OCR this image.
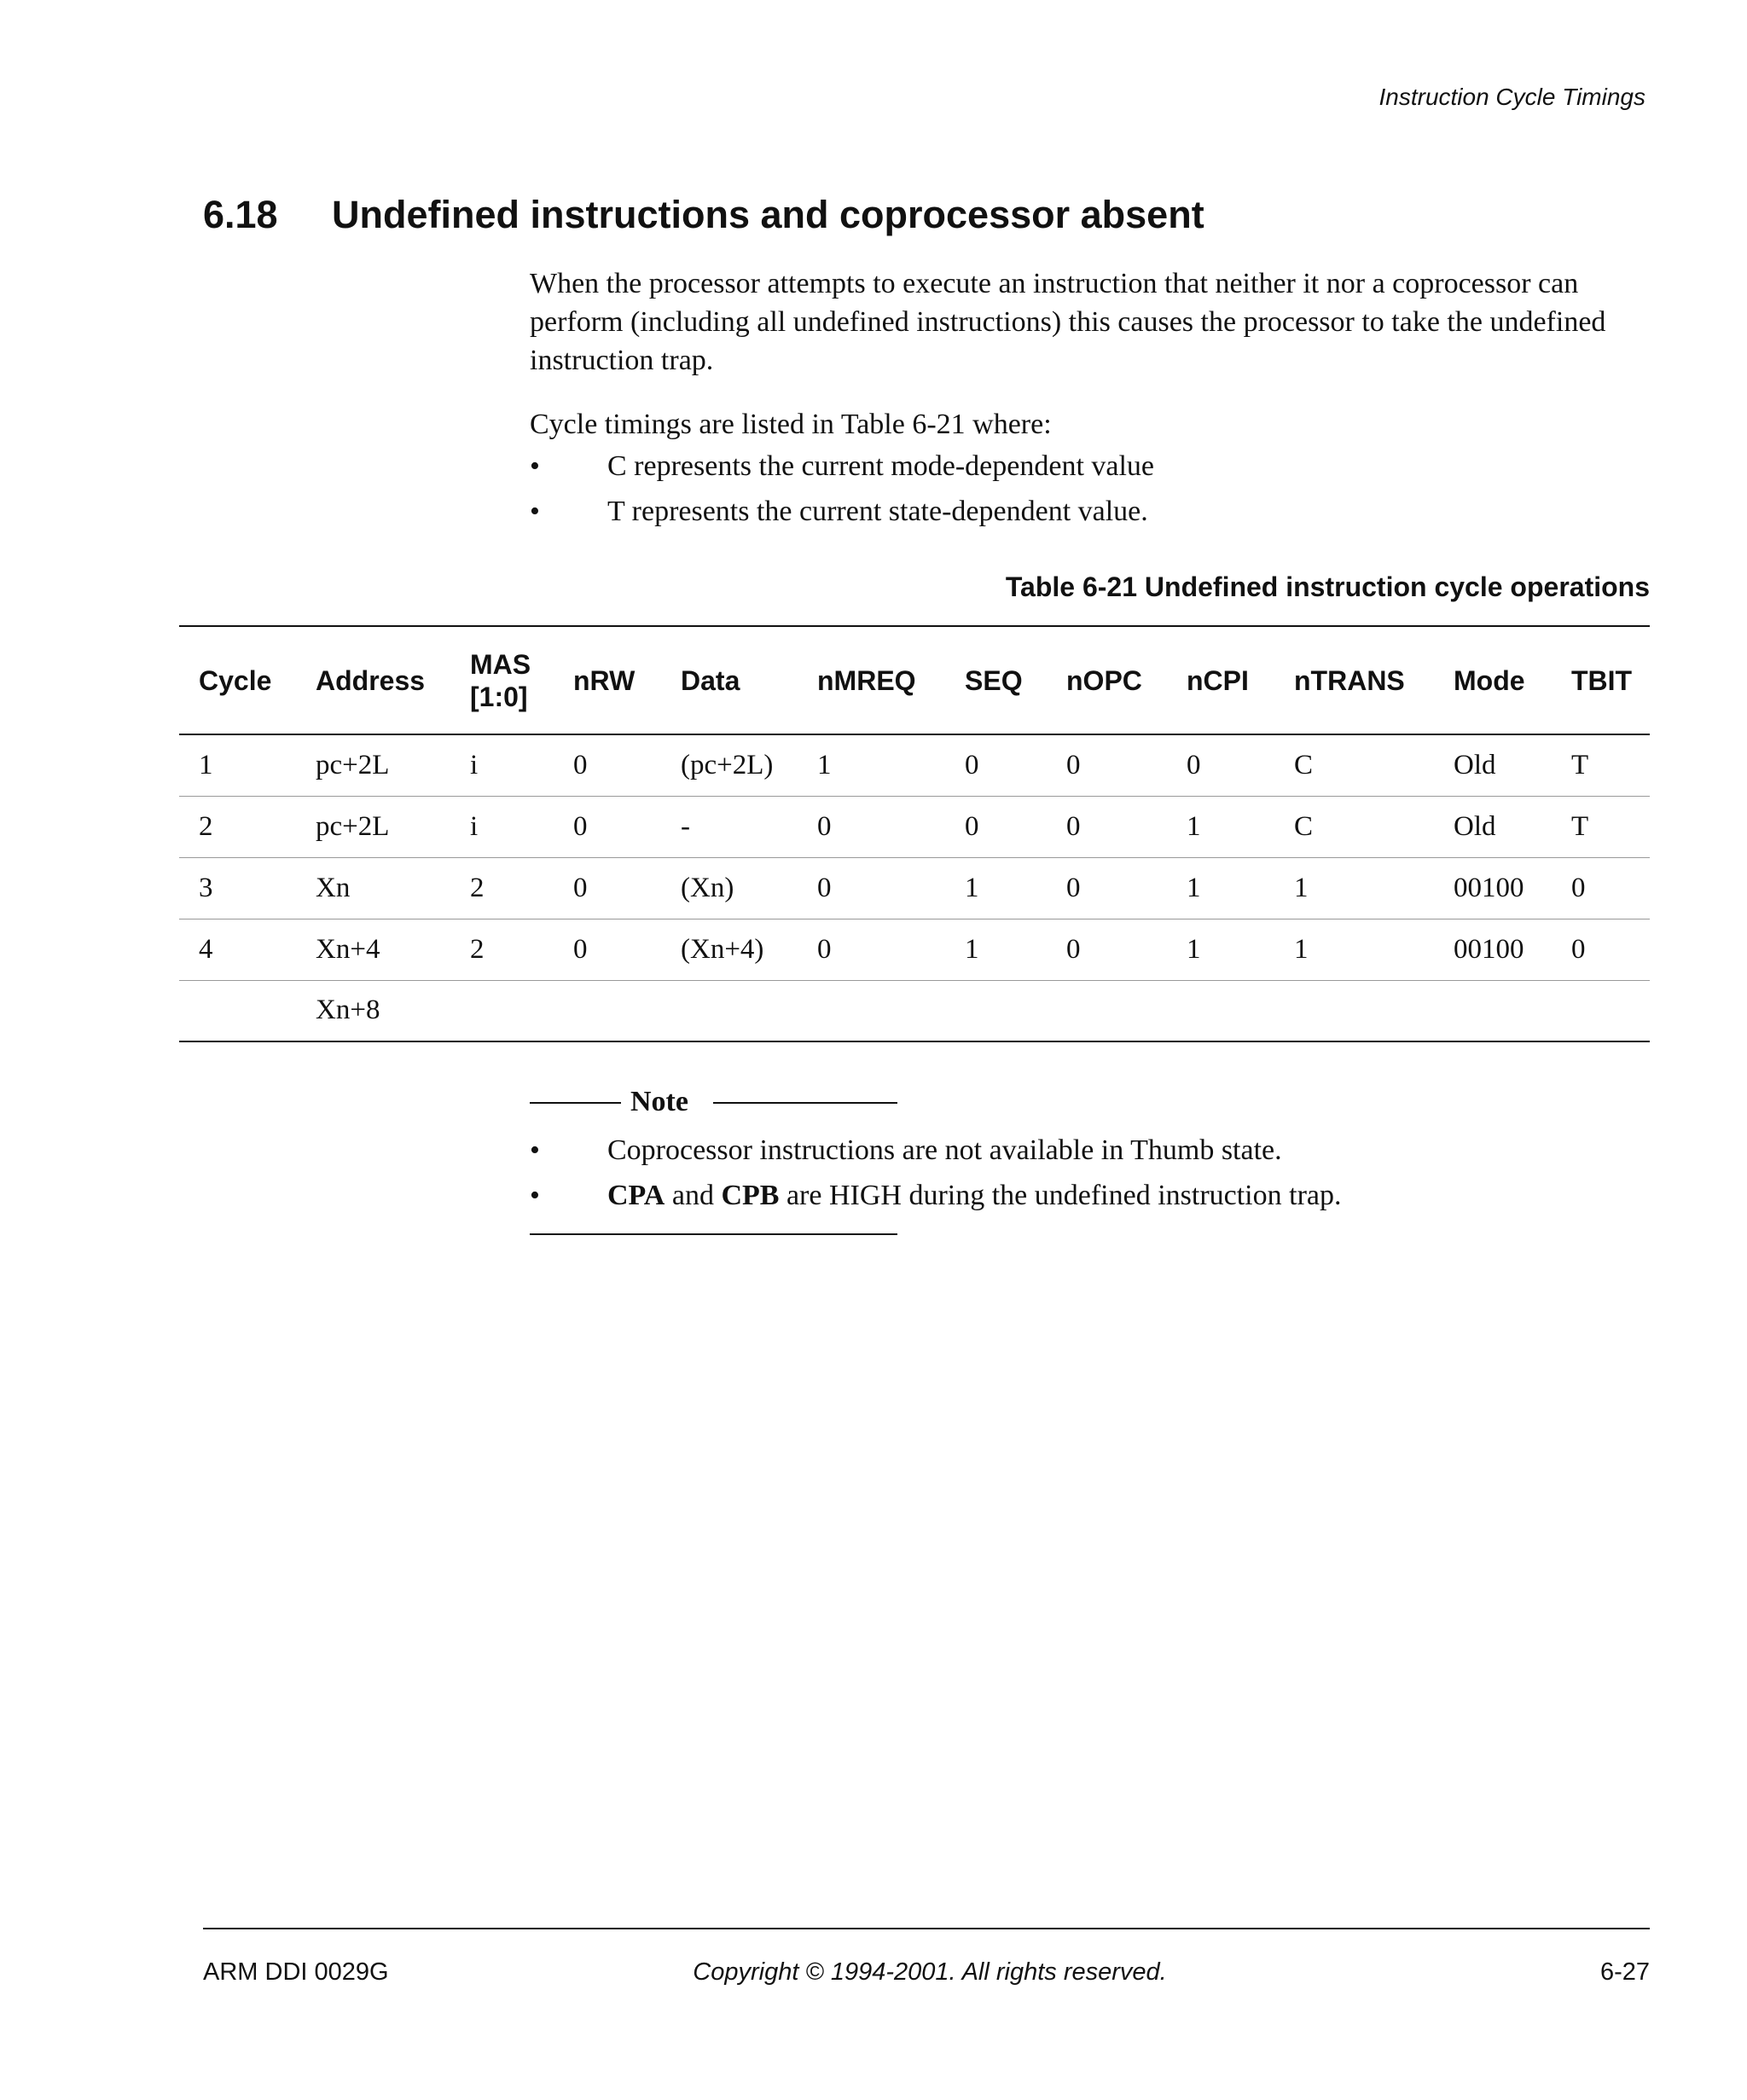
Instruction Cycle Timings
6.18 Undefined instructions and coprocessor absent

When the processor attempts to execute an instruction that neither it nor a coprocessor can perform (including all undefined instructions) this causes the processor to take the undefined instruction trap.

Cycle timings are listed in Table 6-21 where:

• C represents the current mode-dependent value
• T represents the current state-dependent value.
Table 6-21 Undefined instruction cycle operations
Cycle	Address	MAS [1:0]	nRW	Data	nMREQ	SEQ	nOPC	nCPI	nTRANS	Mode	TBIT
1	pc+2L	i	0	(pc+2L)	1	0	0	0	C	Old	T
2	pc+2L	i	0	-	0	0	0	1	C	Old	T
3	Xn	2	0	(Xn)	0	1	0	1	1	00100	0
4	Xn+4	2	0	(Xn+4)	0	1	0	1	1	00100	0
	Xn+8										
Note
• Coprocessor instructions are not available in Thumb state.
• CPA and CPB are HIGH during the undefined instruction trap.
ARM DDI 0029G	Copyright © 1994-2001. All rights reserved.	6-27
